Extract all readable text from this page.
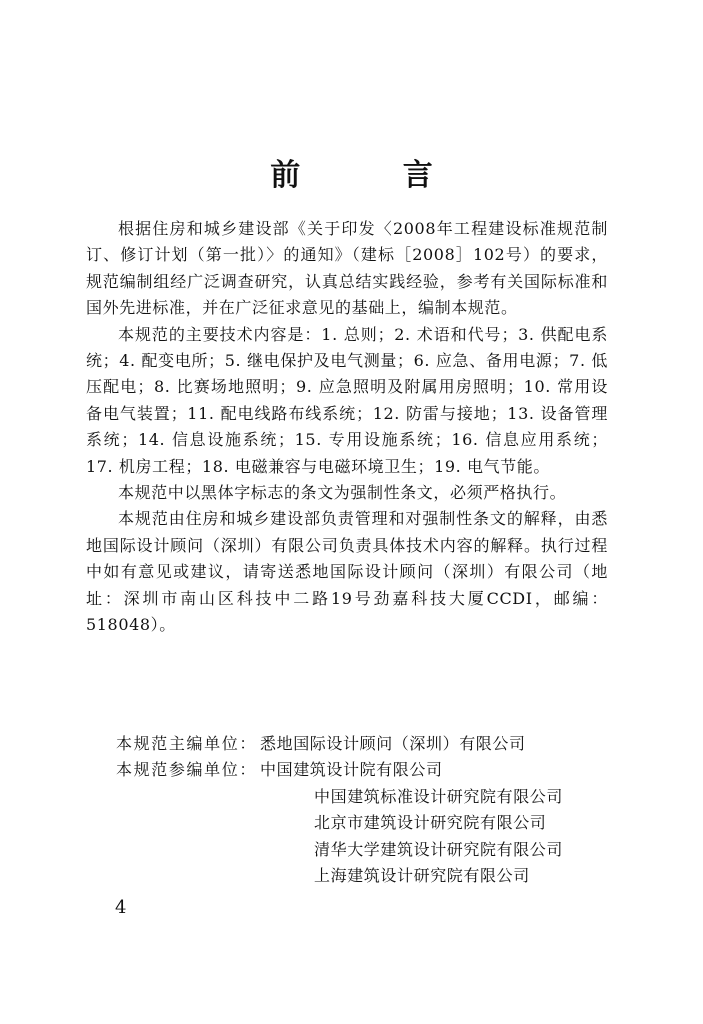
前 言

根据住房和城乡建设部《关于印发〈2008年工程建设标准规范制订、修订计划（第一批）〉的通知》（建标［2008］102号）的要求，规范编制组经广泛调查研究，认真总结实践经验，参考有关国际标准和国外先进标准，并在广泛征求意见的基础上，编制本规范。

本规范的主要技术内容是：1. 总则；2. 术语和代号；3. 供配电系统；4. 配变电所；5. 继电保护及电气测量；6. 应急、备用电源；7. 低压配电；8. 比赛场地照明；9. 应急照明及附属用房照明；10. 常用设备电气装置；11. 配电线路布线系统；12. 防雷与接地；13. 设备管理系统；14. 信息设施系统；15. 专用设施系统；16. 信息应用系统；17. 机房工程；18. 电磁兼容与电磁环境卫生；19. 电气节能。

本规范中以黑体字标志的条文为强制性条文，必须严格执行。

本规范由住房和城乡建设部负责管理和对强制性条文的解释，由悉地国际设计顾问（深圳）有限公司负责具体技术内容的解释。执行过程中如有意见或建议，请寄送悉地国际设计顾问（深圳）有限公司（地址：深圳市南山区科技中二路19号劲嘉科技大厦CCDI，邮编：518048）。

本规范主编单位： 悉地国际设计顾问（深圳）有限公司
本规范参编单位： 中国建筑设计院有限公司
中国建筑标准设计研究院有限公司
北京市建筑设计研究院有限公司
清华大学建筑设计研究院有限公司
上海建筑设计研究院有限公司
4
